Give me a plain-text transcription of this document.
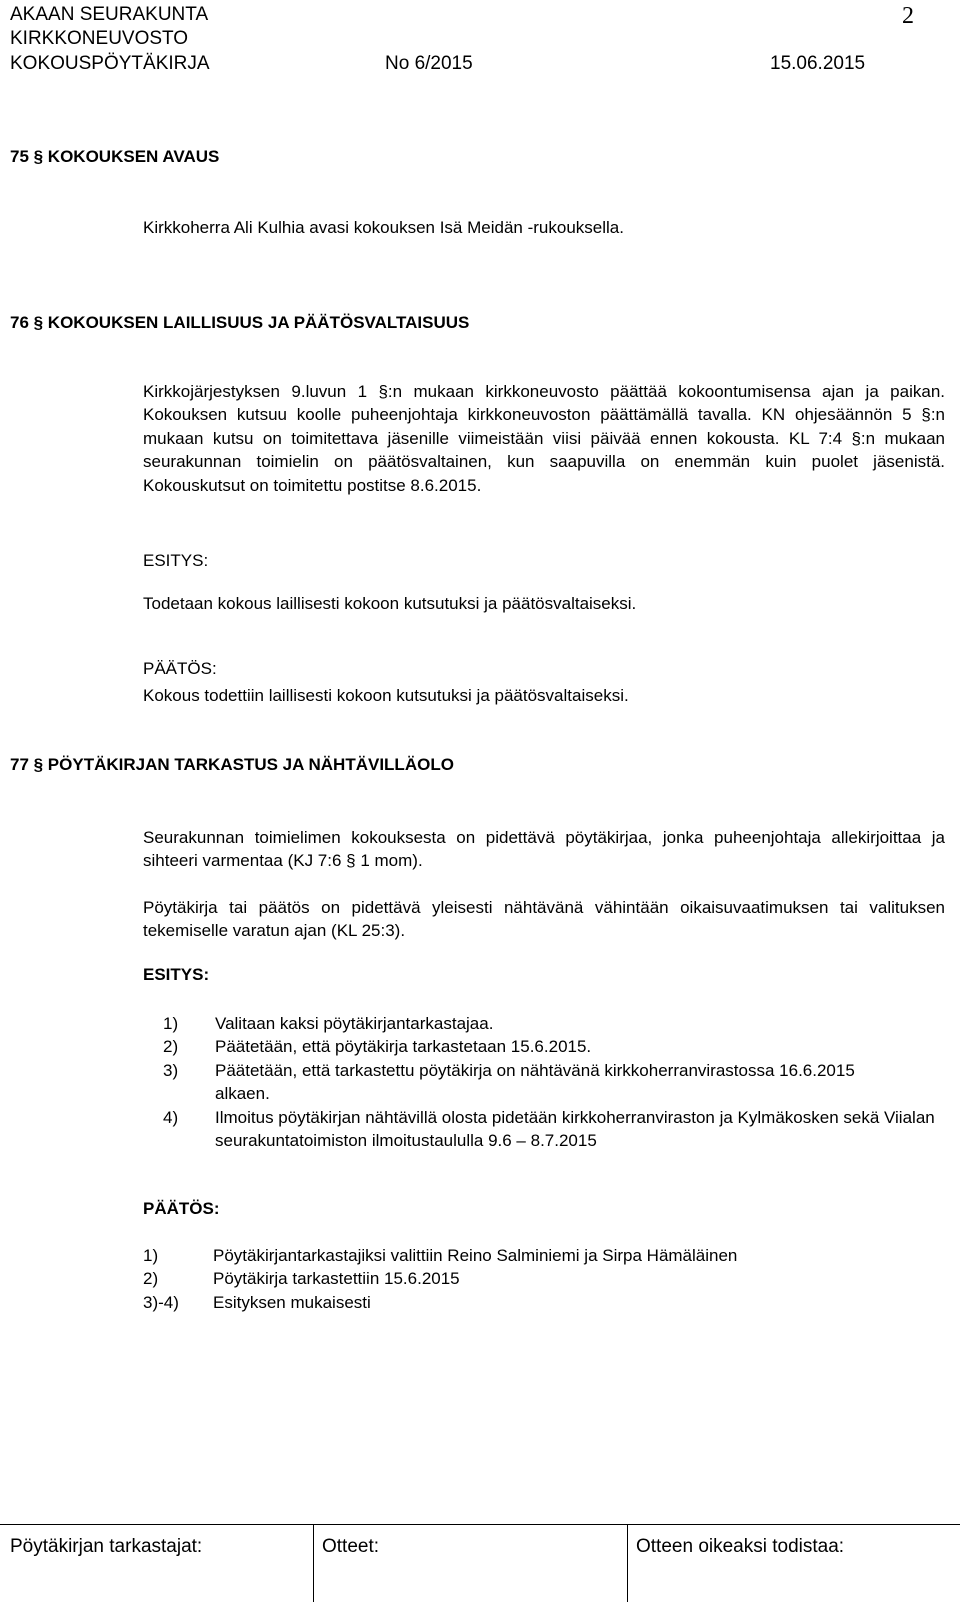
AKAAN SEURAKUNTA	2
KIRKKONEUVOSTO
KOKOUSPÖYTÄKIRJA	No 6/2015	15.06.2015
75 § KOKOUKSEN AVAUS
Kirkkoherra Ali Kulhia avasi kokouksen Isä Meidän -rukouksella.
76 § KOKOUKSEN LAILLISUUS JA PÄÄTÖSVALTAISUUS
Kirkkojärjestyksen 9.luvun 1 §:n mukaan kirkkoneuvosto päättää kokoontumisensa ajan ja paikan. Kokouksen kutsuu koolle puheenjohtaja kirkkoneuvoston päättämällä tavalla. KN ohjesäännön 5 §:n mukaan kutsu on toimitettava jäsenille viimeistään viisi päivää ennen kokousta. KL 7:4 §:n mukaan seurakunnan toimielin on päätösvaltainen, kun saapuvilla on enemmän kuin puolet jäsenistä. Kokouskutsut on toimitettu postitse 8.6.2015.
ESITYS:
Todetaan kokous laillisesti kokoon kutsutuksi ja päätösvaltaiseksi.
PÄÄTÖS:
Kokous todettiin laillisesti kokoon kutsutuksi ja päätösvaltaiseksi.
77 § PÖYTÄKIRJAN TARKASTUS JA NÄHTÄVILLÄOLO
Seurakunnan toimielimen kokouksesta on pidettävä pöytäkirjaa, jonka puheenjohtaja allekirjoittaa ja sihteeri varmentaa (KJ 7:6 § 1 mom).
Pöytäkirja tai päätös on pidettävä yleisesti nähtävänä vähintään oikaisuvaatimuksen tai valituksen tekemiselle varatun ajan (KL 25:3).
ESITYS:
1) Valitaan kaksi pöytäkirjantarkastajaa.
2) Päätetään, että pöytäkirja tarkastetaan 15.6.2015.
3) Päätetään, että tarkastettu pöytäkirja on nähtävänä kirkkoherranvirastossa 16.6.2015 alkaen.
4) Ilmoitus pöytäkirjan nähtävillä olosta pidetään kirkkoherranviraston ja Kylmäkosken sekä Viialan seurakuntatoimiston ilmoitustaululla 9.6 – 8.7.2015
PÄÄTÖS:
1)	Pöytäkirjantarkastajiksi valittiin Reino Salminiemi ja Sirpa Hämäläinen
2)	Pöytäkirja tarkastettiin 15.6.2015
3)-4) Esityksen mukaisesti
Pöytäkirjan tarkastajat:	Otteet:	Otteen oikeaksi todistaa:
